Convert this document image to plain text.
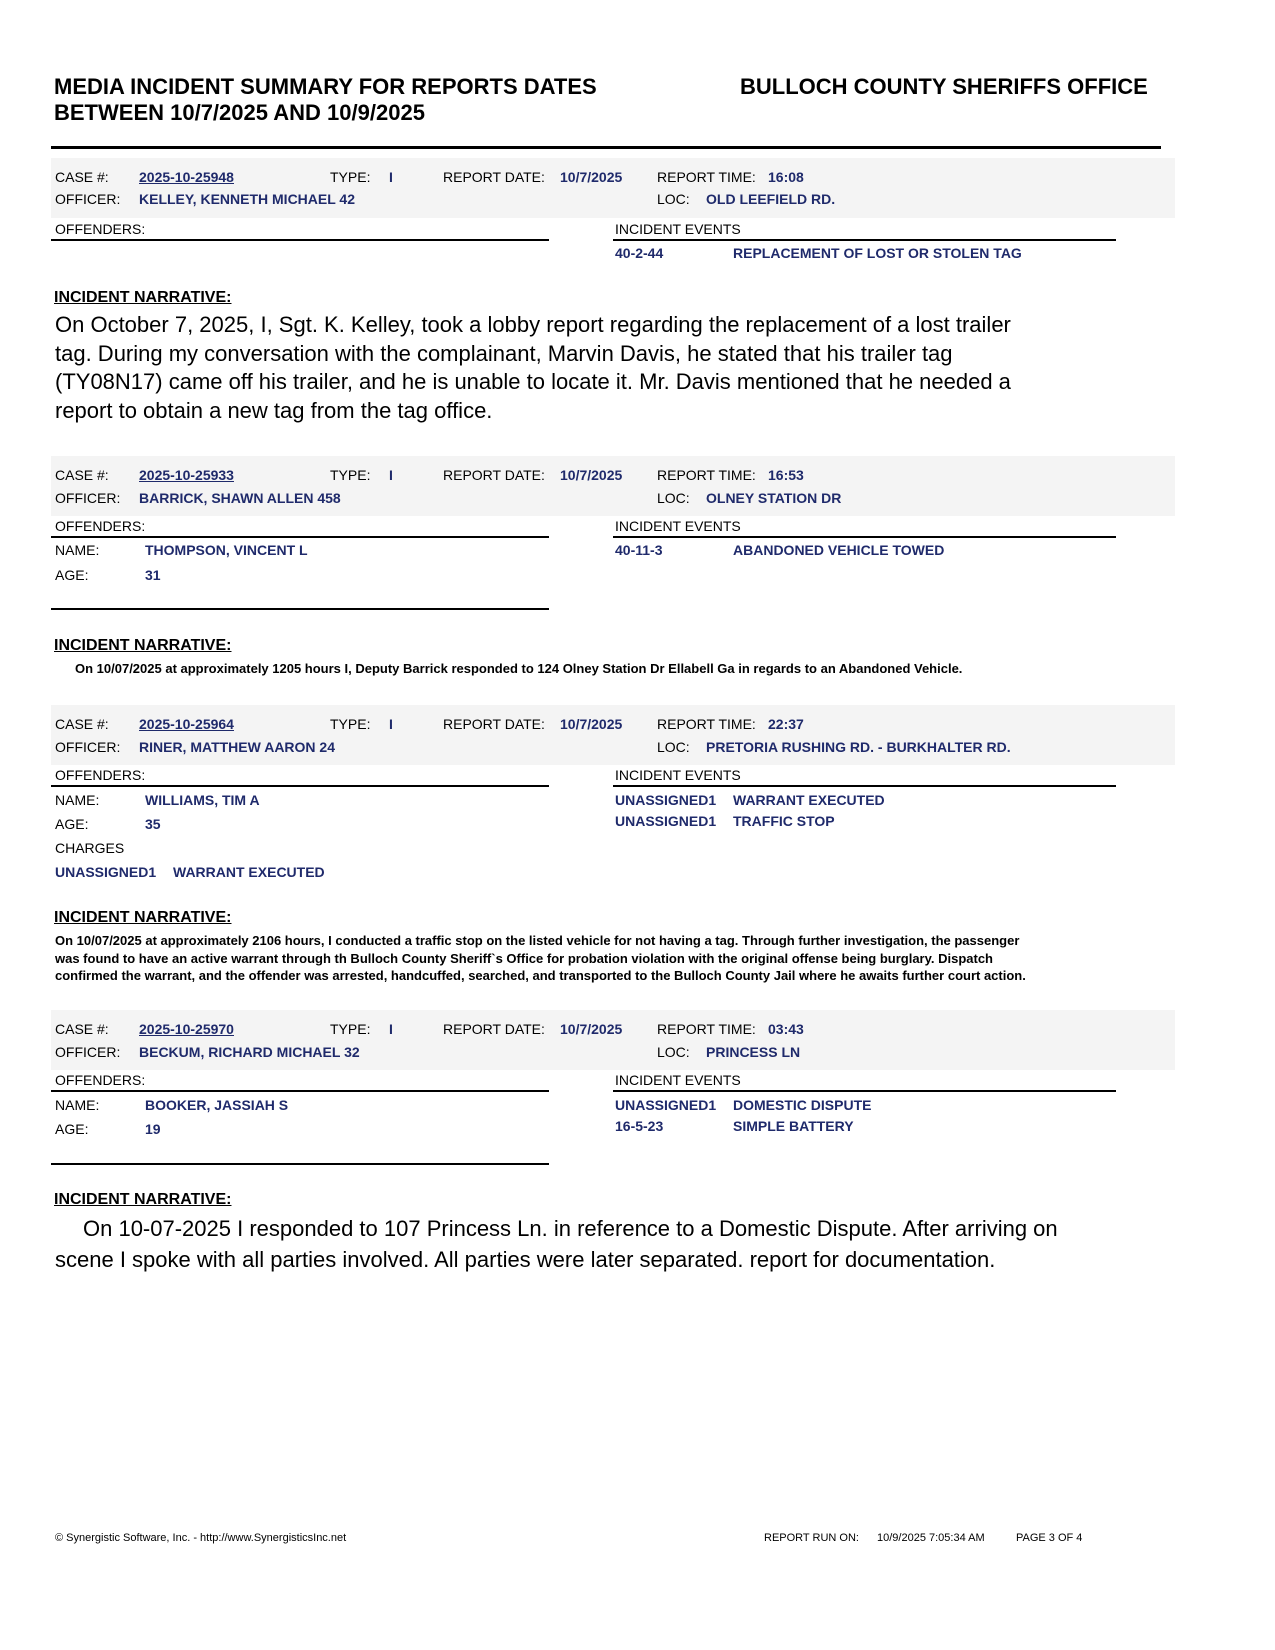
MEDIA INCIDENT SUMMARY FOR REPORTS DATES
BETWEEN 10/7/2025 AND 10/9/2025
BULLOCH COUNTY SHERIFFS OFFICE
CASE #: 2025-10-25948	TYPE: I	REPORT DATE: 10/7/2025 REPORT TIME: 16:08
OFFICER: KELLEY, KENNETH MICHAEL 42	LOC: OLD LEEFIELD RD.
OFFENDERS:	INCIDENT EVENTS
40-2-44	REPLACEMENT OF LOST OR STOLEN TAG
INCIDENT NARRATIVE:
On October 7, 2025, I, Sgt. K. Kelley, took a lobby report regarding the replacement of a lost trailer
tag. During my conversation with the complainant, Marvin Davis, he stated that his trailer tag
(TY08N17) came off his trailer, and he is unable to locate it. Mr. Davis mentioned that he needed a
report to obtain a new tag from the tag office.
CASE #: 2025-10-25933	TYPE: I	REPORT DATE: 10/7/2025 REPORT TIME: 16:53
OFFICER: BARRICK, SHAWN ALLEN 458	LOC: OLNEY STATION DR
OFFENDERS:
NAME:	THOMPSON, VINCENT L
AGE:	31
INCIDENT EVENTS
40-11-3	ABANDONED VEHICLE TOWED
INCIDENT NARRATIVE:
On 10/07/2025 at approximately 1205 hours I, Deputy Barrick responded to 124 Olney Station Dr Ellabell Ga in regards to an Abandoned Vehicle.
CASE #: 2025-10-25964	TYPE: I	REPORT DATE: 10/7/2025 REPORT TIME: 22:37
OFFICER: RINER, MATTHEW AARON 24	LOC: PRETORIA RUSHING RD. - BURKHALTER RD.
OFFENDERS:
NAME:	WILLIAMS, TIM A
AGE:	35
CHARGES
UNASSIGNED1 WARRANT EXECUTED
INCIDENT EVENTS
UNASSIGNED1 WARRANT EXECUTED
UNASSIGNED1 TRAFFIC STOP
INCIDENT NARRATIVE:
On 10/07/2025 at approximately 2106 hours, I conducted a traffic stop on the listed vehicle for not having a tag. Through further investigation, the passenger
was found to have an active warrant through th Bulloch County Sheriff`s Office for probation violation with the original offense being burglary. Dispatch
confirmed the warrant, and the offender was arrested, handcuffed, searched, and transported to the Bulloch County Jail where he awaits further court action.
CASE #: 2025-10-25970	TYPE: I	REPORT DATE: 10/7/2025 REPORT TIME: 03:43
OFFICER: BECKUM, RICHARD MICHAEL 32	LOC: PRINCESS LN
OFFENDERS:
NAME:	BOOKER, JASSIAH S
AGE:	19
INCIDENT EVENTS
UNASSIGNED1 DOMESTIC DISPUTE
16-5-23	SIMPLE BATTERY
INCIDENT NARRATIVE:
On 10-07-2025 I responded to 107 Princess Ln. in reference to a Domestic Dispute. After arriving on
scene I spoke with all parties involved. All parties were later separated. report for documentation.
© Synergistic Software, Inc. - http://www.SynergisticsInc.net	REPORT RUN ON: 10/9/2025 7:05:34 AM	PAGE 3 OF 4
